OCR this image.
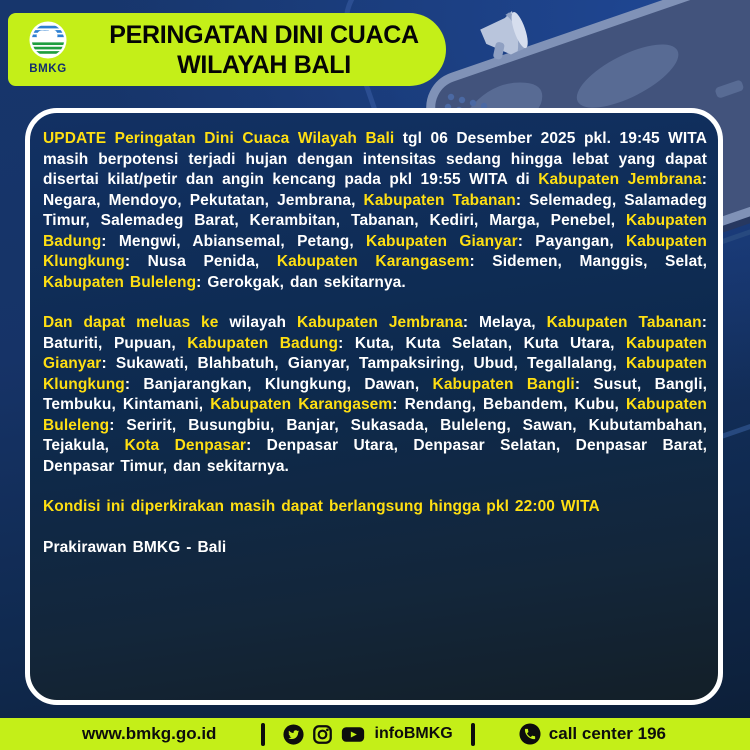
BMKG
PERINGATAN DINI CUACA
WILAYAH BALI

UPDATE Peringatan Dini Cuaca Wilayah Bali tgl 06 Desember 2025 pkl. 19:45 WITA masih berpotensi terjadi hujan dengan intensitas sedang hingga lebat yang dapat disertai kilat/petir dan angin kencang pada pkl 19:55 WITA di Kabupaten Jembrana: Negara, Mendoyo, Pekutatan, Jembrana, Kabupaten Tabanan: Selemadeg, Salamadeg Timur, Salemadeg Barat, Kerambitan, Tabanan, Kediri, Marga, Penebel, Kabupaten Badung: Mengwi, Abiansemal, Petang, Kabupaten Gianyar: Payangan, Kabupaten Klungkung: Nusa Penida, Kabupaten Karangasem: Sidemen, Manggis, Selat, Kabupaten Buleleng: Gerokgak, dan sekitarnya.

Dan dapat meluas ke wilayah Kabupaten Jembrana: Melaya, Kabupaten Tabanan: Baturiti, Pupuan, Kabupaten Badung: Kuta, Kuta Selatan, Kuta Utara, Kabupaten Gianyar: Sukawati, Blahbatuh, Gianyar, Tampaksiring, Ubud, Tegallalang, Kabupaten Klungkung: Banjarangkan, Klungkung, Dawan, Kabupaten Bangli: Susut, Bangli, Tembuku, Kintamani, Kabupaten Karangasem: Rendang, Bebandem, Kubu, Kabupaten Buleleng: Seririt, Busungbiu, Banjar, Sukasada, Buleleng, Sawan, Kubutambahan, Tejakula, Kota Denpasar: Denpasar Utara, Denpasar Selatan, Denpasar Barat, Denpasar Timur, dan sekitarnya.

Kondisi ini diperkirakan masih dapat berlangsung hingga pkl 22:00 WITA

Prakirawan BMKG - Bali

www.bmkg.go.id	infoBMKG	call center 196
